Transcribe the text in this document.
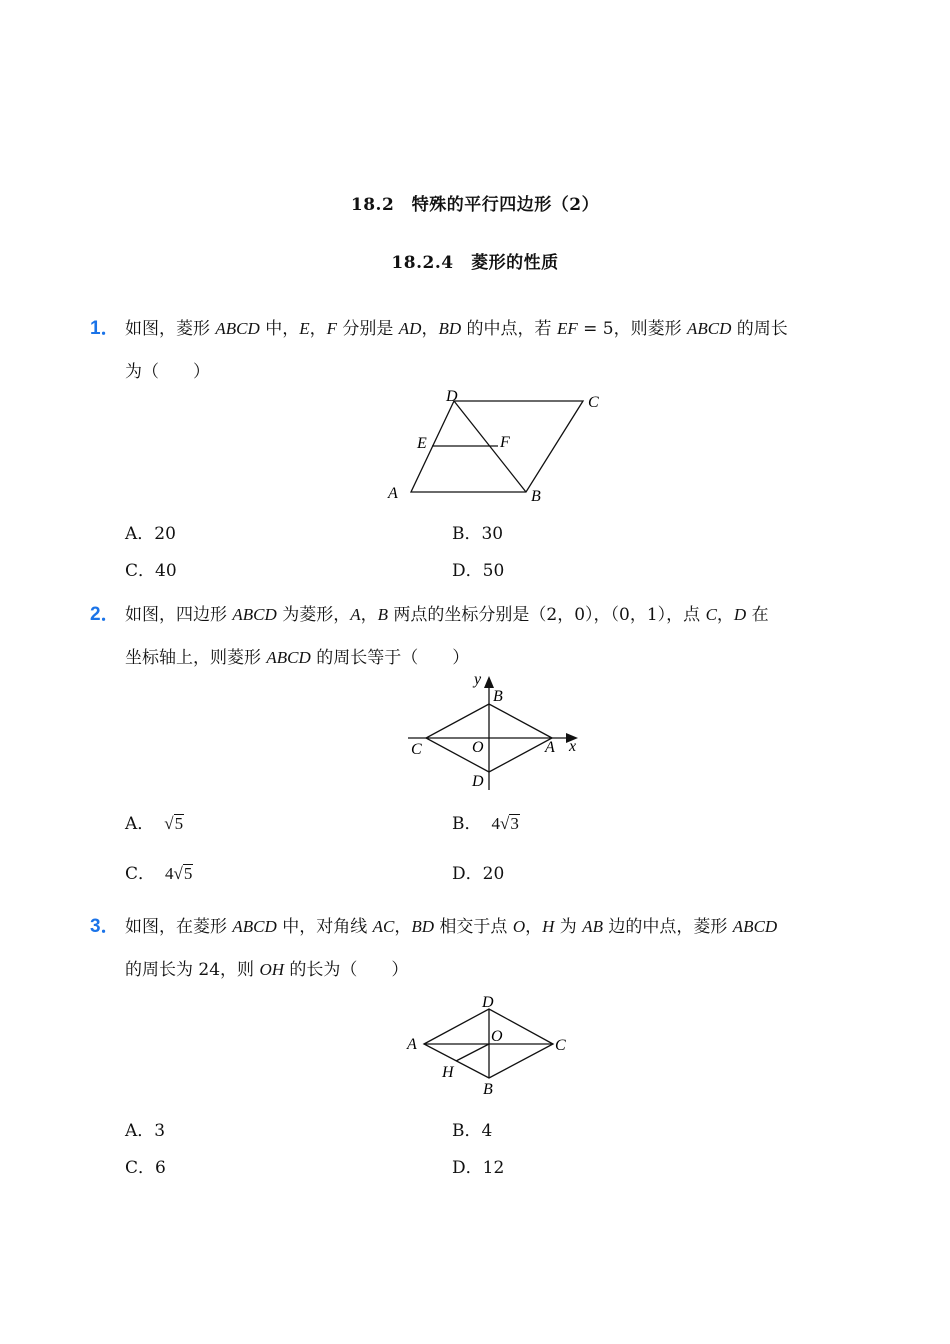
18.2　特殊的平行四边形（2）
18.2.4　菱形的性质
1． 如图，菱形 ABCD 中，E，F 分别是 AD，BD 的中点，若 EF = 5，则菱形 ABCD 的周长
为（　　）
A	B
C
D
E	F
A．20	B．30
C．40	D．50
2． 如图，四边形 ABCD 为菱形，A，B 两点的坐标分别是（2，0），（0，1），点 C，D 在
坐标轴上，则菱形 ABCD 的周长等于（　　）
y
B
C	O	A x
D
A． √5	B． 4√3
C． 4√5	D．20
3． 如图，在菱形 ABCD 中，对角线 AC，BD 相交于点 O，H 为 AB 边的中点，菱形 ABCD
的周长为 24，则 OH 的长为（　　）
D
A	O
C
H
B
A．3	B．4
C．6	D．12
